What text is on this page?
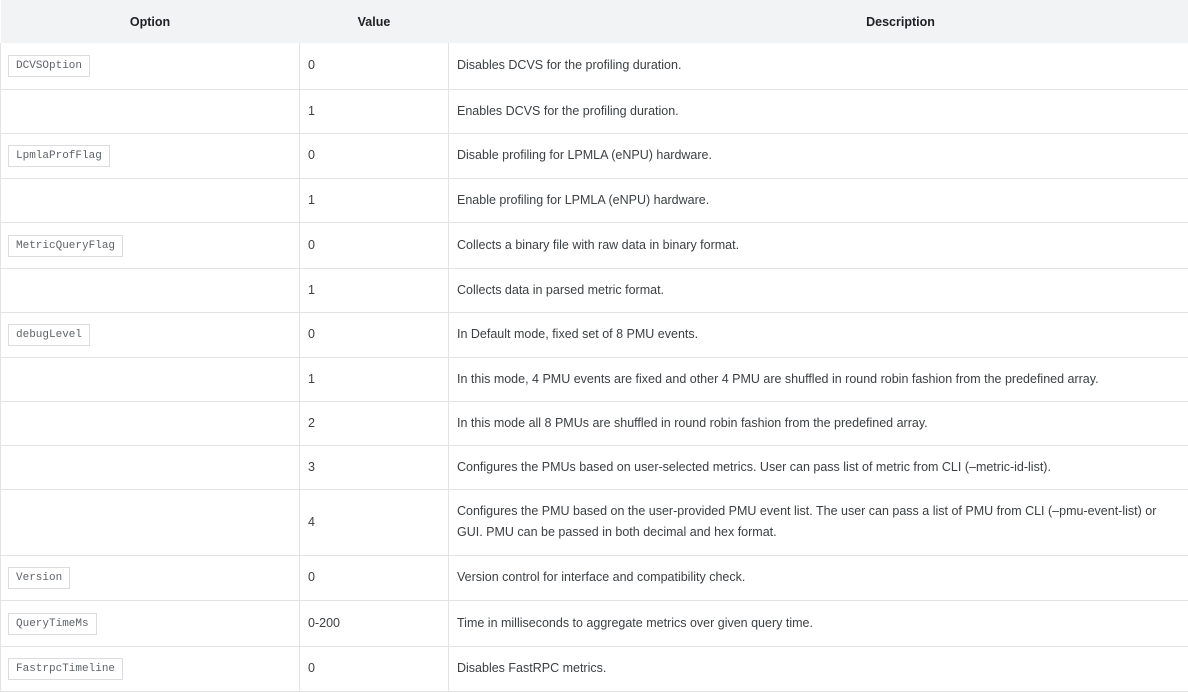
Option	Value	Description
DCVSOption	0	Disables DCVS for the profiling duration.
	1	Enables DCVS for the profiling duration.
LpmlaProfFlag	0	Disable profiling for LPMLA (eNPU) hardware.
	1	Enable profiling for LPMLA (eNPU) hardware.
MetricQueryFlag	0	Collects a binary file with raw data in binary format.
	1	Collects data in parsed metric format.
debugLevel	0	In Default mode, fixed set of 8 PMU events.
	1	In this mode, 4 PMU events are fixed and other 4 PMU are shuffled in round robin fashion from the predefined array.
	2	In this mode all 8 PMUs are shuffled in round robin fashion from the predefined array.
	3	Configures the PMUs based on user-selected metrics. User can pass list of metric from CLI (–metric-id-list).
	4	Configures the PMU based on the user-provided PMU event list. The user can pass a list of PMU from CLI (–pmu-event-list) or GUI. PMU can be passed in both decimal and hex format.
Version	0	Version control for interface and compatibility check.
QueryTimeMs	0-200	Time in milliseconds to aggregate metrics over given query time.
FastrpcTimeline	0	Disables FastRPC metrics.
